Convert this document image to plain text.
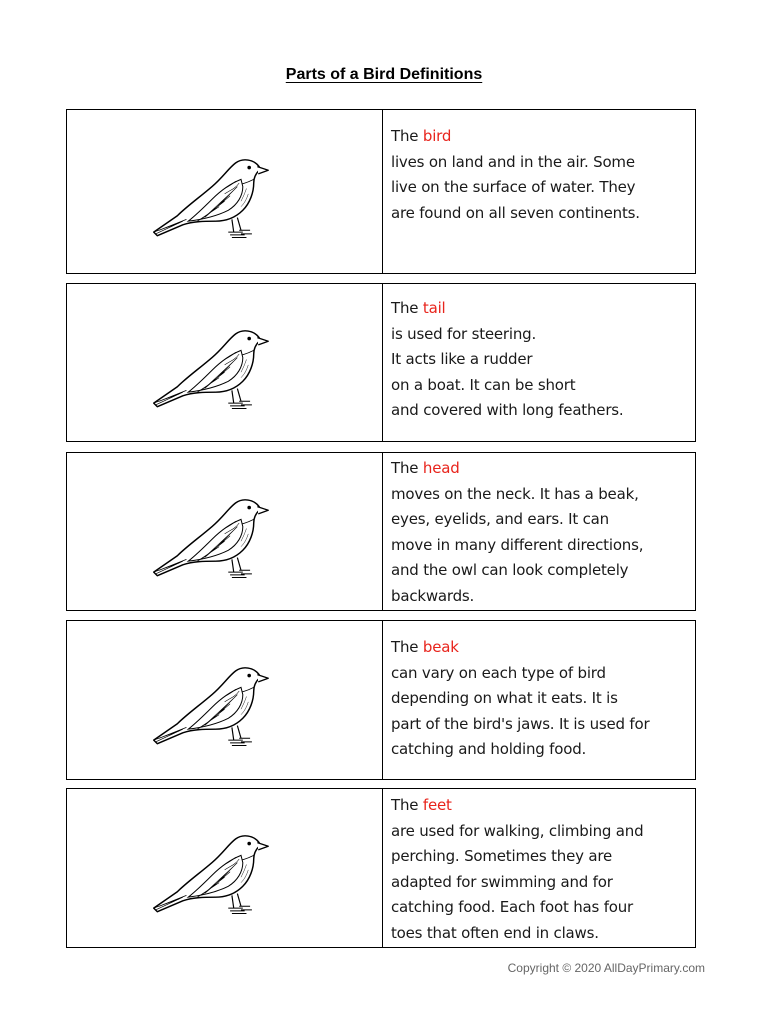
Parts of a Bird Definitions
The bird
lives on land and in the air. Some
live on the surface of water. They
are found on all seven continents.
The tail
is used for steering.
It acts like a rudder
on a boat. It can be short
and covered with long feathers.
The head
moves on the neck. It has a beak,
eyes, eyelids, and ears. It can
move in many different directions,
and the owl can look completely
backwards.
The beak
can vary on each type of bird
depending on what it eats. It is
part of the bird's jaws. It is used for
catching and holding food.
The feet
are used for walking, climbing and
perching. Sometimes they are
adapted for swimming and for
catching food. Each foot has four
toes that often end in claws.
Copyright © 2020 AllDayPrimary.com
